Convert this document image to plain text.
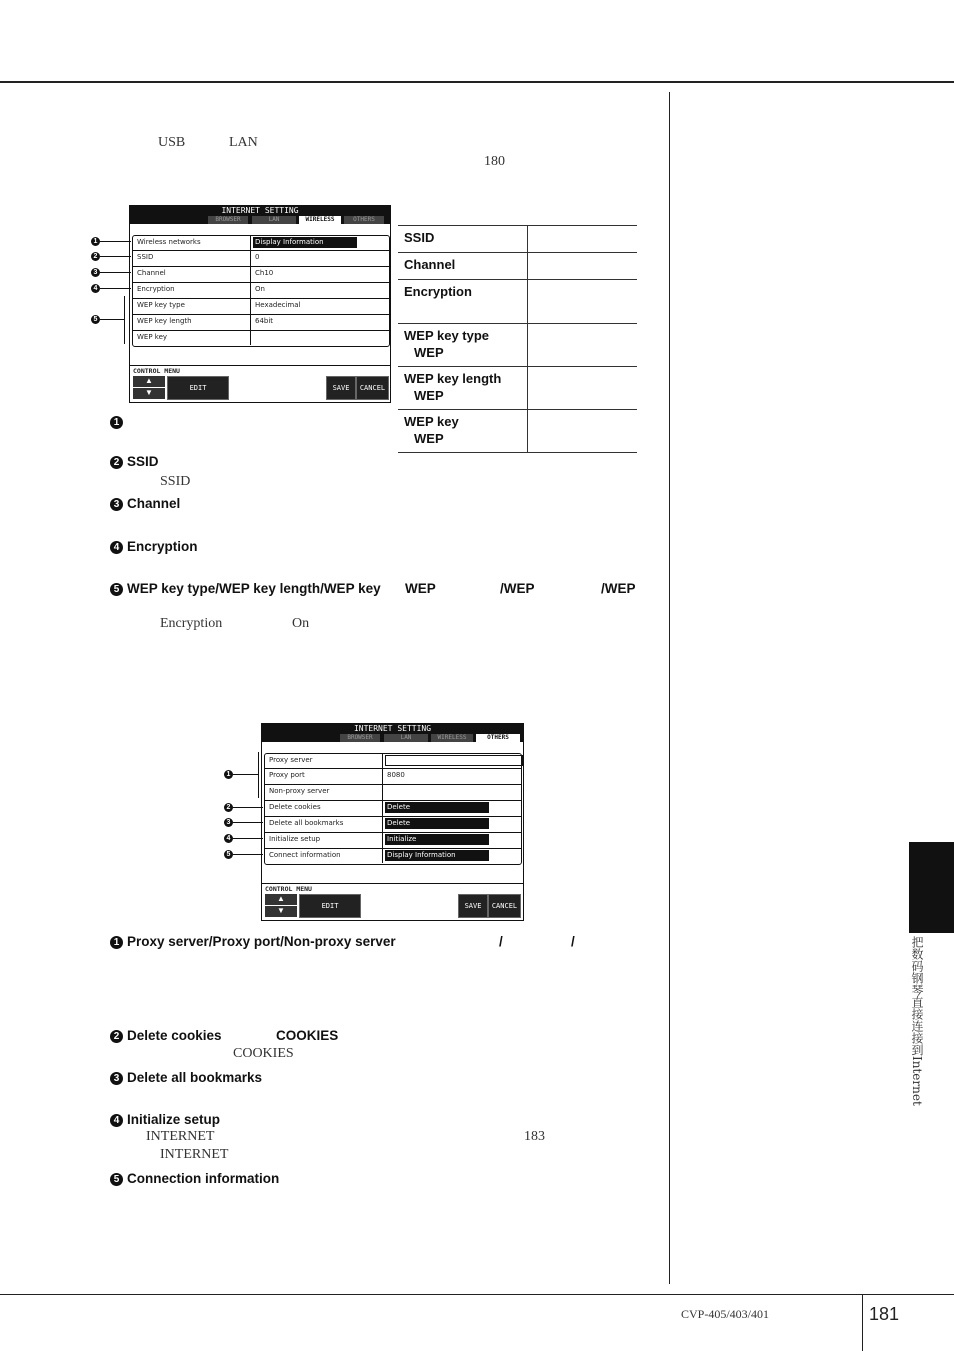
把数码钢琴直接连接到Internet
USB	LAN
180
INTERNET SETTING
BROWSER	LAN	WIRELESS	OTHERS
Wireless networks	Display Information
SSID	0
Channel	Ch10
Encryption	On
WEP key type	Hexadecimal
WEP key length	64bit
WEP key
CONTROL MENU
▲
▼	EDIT	SAVE	CANCEL
1
2
3
4
5
SSID
Channel
Encryption
WEP key type
WEP
WEP key length
WEP
WEP key
WEP
1
2 SSID
SSID
3 Channel
4 Encryption
5 WEP key type/WEP key length/WEP key WEP	/WEP	/WEP
Encryption	On
INTERNET SETTING
BROWSER	LAN	WIRELESS	OTHERS
Proxy server
Proxy port	8080
Non-proxy server
Delete cookies	Delete
Delete all bookmarks	Delete
Initialize setup	Initialize
Connect information	Display Information
CONTROL MENU
▲
▼	EDIT	SAVE	CANCEL
1
2
3
4
5
1 Proxy server/Proxy port/Non-proxy server	/	/
2 Delete cookies	COOKIES
COOKIES
3 Delete all bookmarks
4 Initialize setup
INTERNET	183
INTERNET
5 Connection information
CVP-405/403/401	181
